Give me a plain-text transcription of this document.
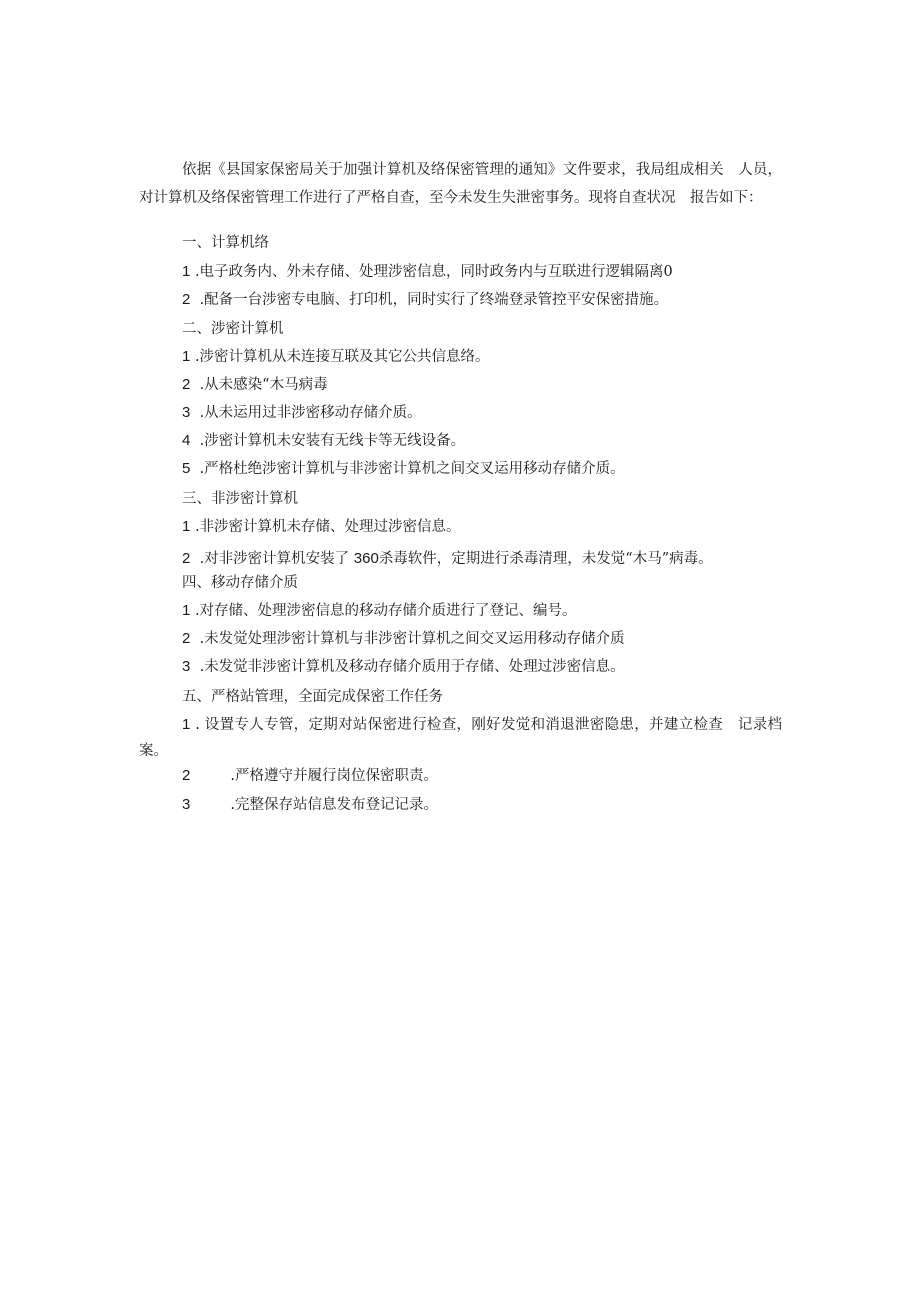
依据《县国家保密局关于加强计算机及络保密管理的通知》文件要求，我局组成相关　人员，对计算机及络保密管理工作进行了严格自查，至今未发生失泄密事务。现将自查状况　报告如下：
一、计算机络
1 .电子政务内、外未存储、处理涉密信息，同时政务内与互联进行逻辑隔离0
2 .配备一台涉密专电脑、打印机，同时实行了终端登录管控平安保密措施。
二、涉密计算机
1 .涉密计算机从未连接互联及其它公共信息络。
2 .从未感染“木马病毒
3 .从未运用过非涉密移动存储介质。
4 .涉密计算机未安装有无线卡等无线设备。
5 .严格杜绝涉密计算机与非涉密计算机之间交叉运用移动存储介质。
三、非涉密计算机
1 .非涉密计算机未存储、处理过涉密信息。
2 .对非涉密计算机安装了 360杀毒软件，定期进行杀毒清理，未发觉“木马”病毒。
四、移动存储介质
1 .对存储、处理涉密信息的移动存储介质进行了登记、编号。
2 .未发觉处理涉密计算机与非涉密计算机之间交叉运用移动存储介质
3 .未发觉非涉密计算机及移动存储介质用于存储、处理过涉密信息。
五、严格站管理，全面完成保密工作任务
1 . 设置专人专管，定期对站保密进行检查，刚好发觉和消退泄密隐患，并建立检查　记录档案。
2	.严格遵守并履行岗位保密职责。
3	.完整保存站信息发布登记记录。
